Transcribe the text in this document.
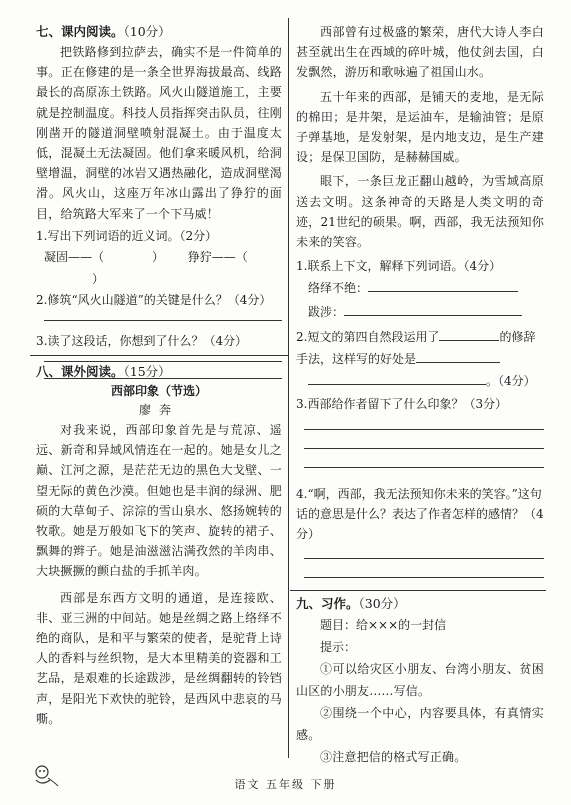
七、课内阅读。（10分）

把铁路修到拉萨去，确实不是一件简单的事。正在修建的是一条全世界海拔最高、线路最长的高原冻土铁路。风火山隧道施工，主要就是控制温度。科技人员指挥突击队员，往刚刚凿开的隧道洞壁喷射混凝土。由于温度太低，混凝土无法凝固。他们拿来暖风机，给洞壁增温，洞壁的冰岩又遇热融化，造成洞壁渴滑。风火山，这座万年冰山露出了狰狞的面目，给筑路大军来了一个下马威！

1.写出下列词语的近义词。（2分）

凝固——（	） 狰狞——（）

2.修筑“风火山隧道”的关键是什么？（4分）

3.读了这段话，你想到了什么？（4分）

八、课外阅读。（15分）

西部印象（节选）

廖奔

对我来说，西部印象首先是与荒凉、遥远、新奇和异域风情连在一起的。她是女儿之巅、江河之源，是茫茫无边的黑色大戈壁、一望无际的黄色沙漠。但她也是丰润的绿洲、肥硕的大草甸子、淙淙的雪山泉水、悠扬婉转的牧歌。她是万般如飞下的笑声、旋转的裙子、飘舞的辫子。她是油滋滋沾满孜然的羊肉串、大块撅撅的颤白盐的手抓羊肉。

西部是东西方文明的通道，是连接欧、非、亚三洲的中间站。她是丝绸之路上络绎不绝的商队，是和平与繁荣的使者，是驼背上诗人的香料与丝织物，是大本里精美的瓷器和工艺品，是艰难的长途跋涉，是丝绸翻转的铃铛声，是阳光下欢快的驼铃，是西风中悲哀的马嘶。

西部曾有过极盛的繁荣，唐代大诗人李白甚至就出生在西域的碎叶城，他仗剑去国，白发飘然，游历和歌咏遍了祖国山水。

五十年来的西部，是铺天的麦地，是无际的棉田；是井架，是运油车，是输油管；是原子弹基地，是发射架，是内地支边，是生产建设；是保卫国防，是赫赫国威。

眼下，一条巨龙正翻山越岭，为雪域高原送去文明。这条神奇的天路是人类文明的奇迹，21世纪的硕果。啊，西部，我无法预知你未来的笑容。

1.联系上下文，解释下列词语。（4分）

络绎不绝：

跋涉：

2.短文的第四自然段运用了	的修辞手法，这样写的好处是

。（4分）

3.西部给作者留下了什么印象？（3分）

4.“啊，西部，我无法预知你未来的笑容。”这句话的意思是什么？表达了作者怎样的感情？（4分）

九、习作。（30分）

题目：给×××的一封信

提示：

①可以给灾区小朋友、台湾小朋友、贫困山区的小朋友……写信。

②围绕一个中心，内容要具体，有真情实感。

③注意把信的格式写正确。

语文 五年级 下册
